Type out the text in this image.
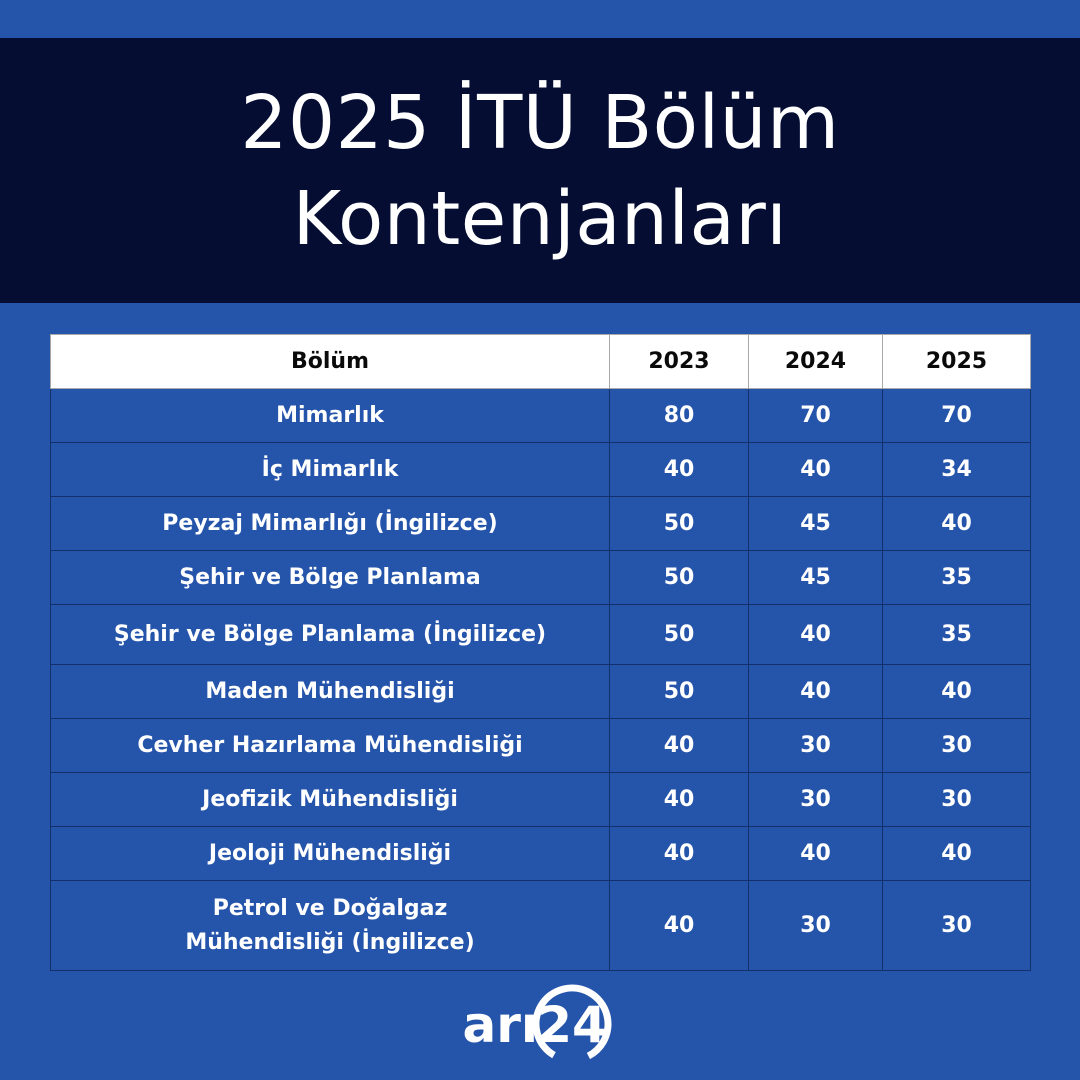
2025 İTÜ Bölüm
Kontenjanları
Bölüm	2023	2024	2025
Mimarlık	80	70	70
İç Mimarlık	40	40	34
Peyzaj Mimarlığı (İngilizce)	50	45	40
Şehir ve Bölge Planlama	50	45	35
Şehir ve Bölge Planlama (İngilizce)	50	40	35
Maden Mühendisliği	50	40	40
Cevher Hazırlama Mühendisliği	40	30	30
Jeofizik Mühendisliği	40	30	30
Jeoloji Mühendisliği	40	40	40
Petrol ve Doğalgaz Mühendisliği (İngilizce)	40	30	30
arı 24
